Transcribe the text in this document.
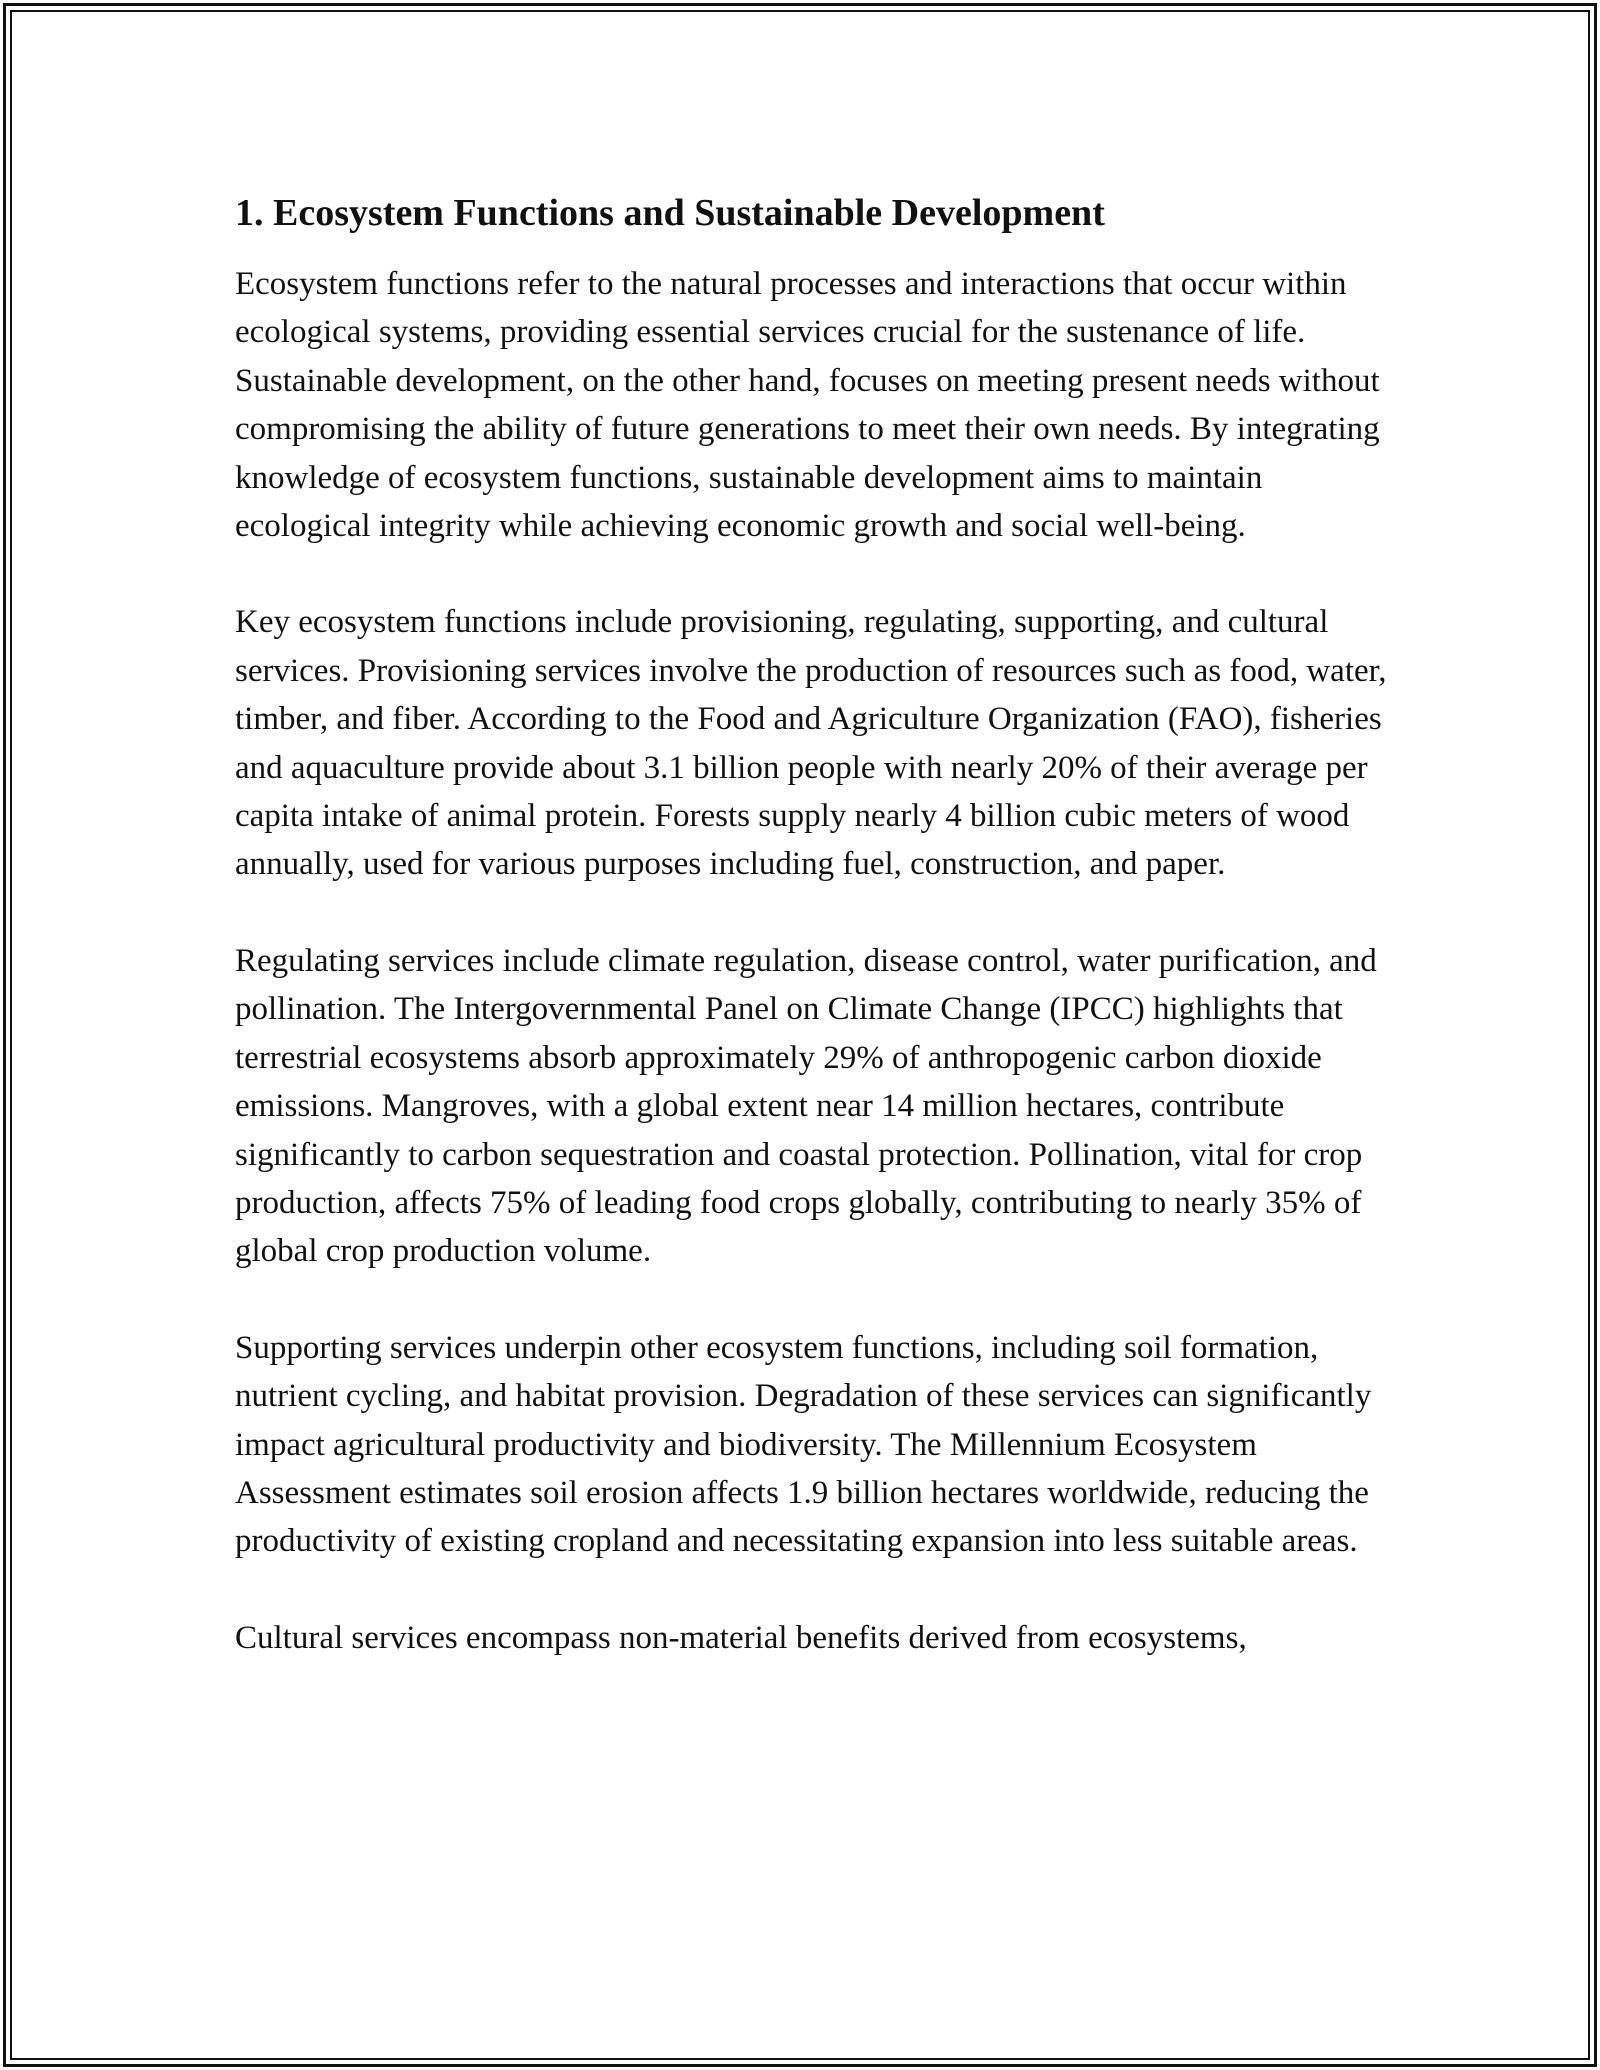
1. Ecosystem Functions and Sustainable Development

Ecosystem functions refer to the natural processes and interactions that occur within ecological systems, providing essential services crucial for the sustenance of life. Sustainable development, on the other hand, focuses on meeting present needs without compromising the ability of future generations to meet their own needs. By integrating knowledge of ecosystem functions, sustainable development aims to maintain ecological integrity while achieving economic growth and social well-being.

Key ecosystem functions include provisioning, regulating, supporting, and cultural services. Provisioning services involve the production of resources such as food, water, timber, and fiber. According to the Food and Agriculture Organization (FAO), fisheries and aquaculture provide about 3.1 billion people with nearly 20% of their average per capita intake of animal protein. Forests supply nearly 4 billion cubic meters of wood annually, used for various purposes including fuel, construction, and paper.

Regulating services include climate regulation, disease control, water purification, and pollination. The Intergovernmental Panel on Climate Change (IPCC) highlights that terrestrial ecosystems absorb approximately 29% of anthropogenic carbon dioxide emissions. Mangroves, with a global extent near 14 million hectares, contribute significantly to carbon sequestration and coastal protection. Pollination, vital for crop production, affects 75% of leading food crops globally, contributing to nearly 35% of global crop production volume.

Supporting services underpin other ecosystem functions, including soil formation, nutrient cycling, and habitat provision. Degradation of these services can significantly impact agricultural productivity and biodiversity. The Millennium Ecosystem Assessment estimates soil erosion affects 1.9 billion hectares worldwide, reducing the productivity of existing cropland and necessitating expansion into less suitable areas.

Cultural services encompass non-material benefits derived from ecosystems,
